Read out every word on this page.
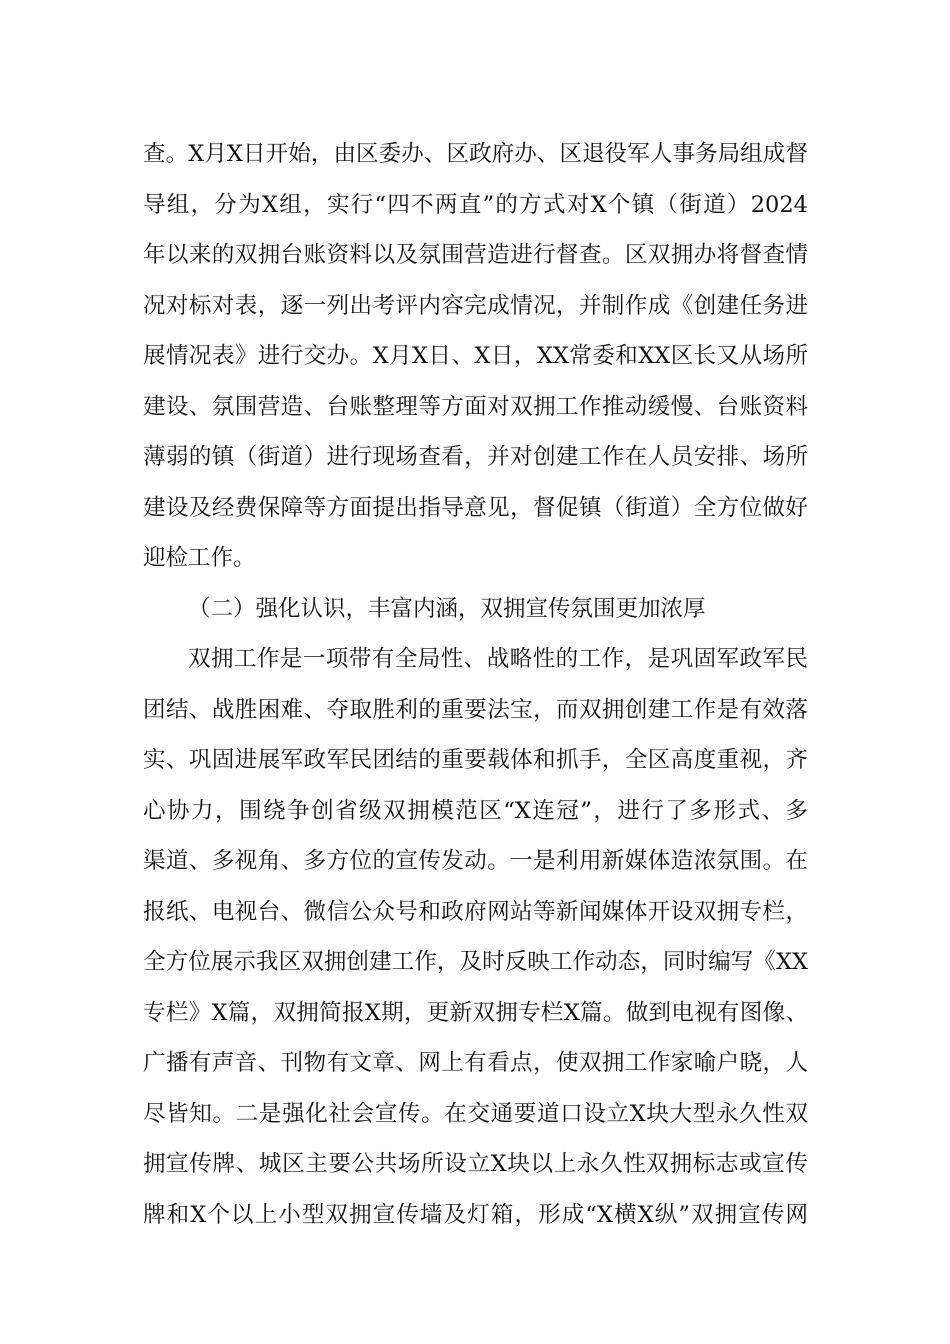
查。X月X日开始，由区委办、区政府办、区退役军人事务局组成督
导组，分为X组，实行“四不两直”的方式对X个镇（街道）2024
年以来的双拥台账资料以及氛围营造进行督查。区双拥办将督查情
况对标对表，逐一列出考评内容完成情况，并制作成《创建任务进
展情况表》进行交办。X月X日、X日，XX常委和XX区长又从场所
建设、氛围营造、台账整理等方面对双拥工作推动缓慢、台账资料
薄弱的镇（街道）进行现场查看，并对创建工作在人员安排、场所
建设及经费保障等方面提出指导意见，督促镇（街道）全方位做好
迎检工作。
（二）强化认识，丰富内涵，双拥宣传氛围更加浓厚
双拥工作是一项带有全局性、战略性的工作，是巩固军政军民
团结、战胜困难、夺取胜利的重要法宝，而双拥创建工作是有效落
实、巩固进展军政军民团结的重要载体和抓手，全区高度重视，齐
心协力，围绕争创省级双拥模范区“X连冠”，进行了多形式、多
渠道、多视角、多方位的宣传发动。一是利用新媒体造浓氛围。在
报纸、电视台、微信公众号和政府网站等新闻媒体开设双拥专栏，
全方位展示我区双拥创建工作，及时反映工作动态，同时编写《XX
专栏》X篇，双拥简报X期，更新双拥专栏X篇。做到电视有图像、
广播有声音、刊物有文章、网上有看点，使双拥工作家喻户晓，人
尽皆知。二是强化社会宣传。在交通要道口设立X块大型永久性双
拥宣传牌、城区主要公共场所设立X块以上永久性双拥标志或宣传
牌和X个以上小型双拥宣传墙及灯箱，形成“X横X纵”双拥宣传网
